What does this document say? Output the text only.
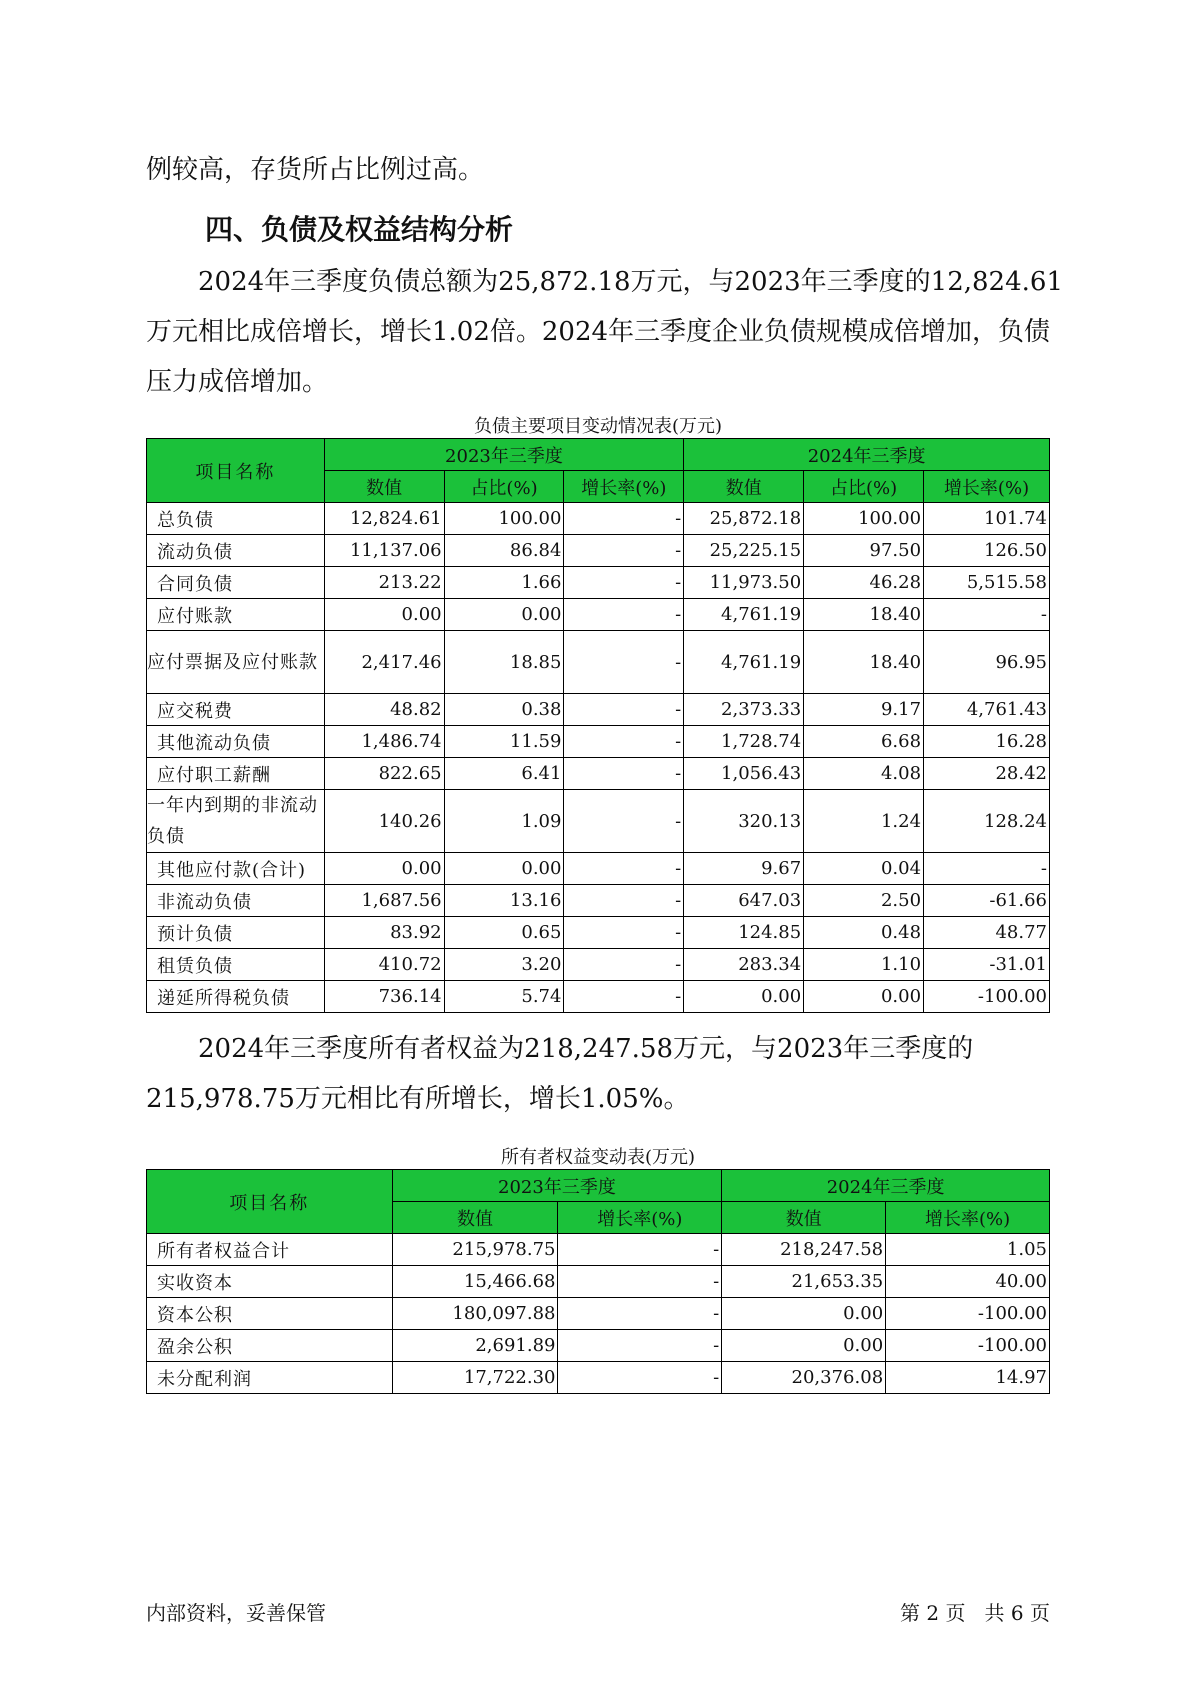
例较高，存货所占比例过高。

四、负债及权益结构分析

2024年三季度负债总额为25,872.18万元，与2023年三季度的12,824.61万元相比成倍增长，增长1.02倍。2024年三季度企业负债规模成倍增加，负债压力成倍增加。

负债主要项目变动情况表(万元)
项目名称	2023年三季度			2024年三季度		
	数值	占比(%)	增长率(%)	数值	占比(%)	增长率(%)
总负债	12,824.61	100.00	-	25,872.18	100.00	101.74
流动负债	11,137.06	86.84	-	25,225.15	97.50	126.50
合同负债	213.22	1.66	-	11,973.50	46.28	5,515.58
应付账款	0.00	0.00	-	4,761.19	18.40	-
应付票据及应付账款	2,417.46	18.85	-	4,761.19	18.40	96.95
应交税费	48.82	0.38	-	2,373.33	9.17	4,761.43
其他流动负债	1,486.74	11.59	-	1,728.74	6.68	16.28
应付职工薪酬	822.65	6.41	-	1,056.43	4.08	28.42
一年内到期的非流动负债	140.26	1.09	-	320.13	1.24	128.24
其他应付款(合计)	0.00	0.00	-	9.67	0.04	-
非流动负债	1,687.56	13.16	-	647.03	2.50	-61.66
预计负债	83.92	0.65	-	124.85	0.48	48.77
租赁负债	410.72	3.20	-	283.34	1.10	-31.01
递延所得税负债	736.14	5.74	-	0.00	0.00	-100.00

2024年三季度所有者权益为218,247.58万元，与2023年三季度的215,978.75万元相比有所增长，增长1.05%。

所有者权益变动表(万元)
项目名称	2023年三季度		2024年三季度	
	数值	增长率(%)	数值	增长率(%)
所有者权益合计	215,978.75	-	218,247.58	1.05
实收资本	15,466.68	-	21,653.35	40.00
资本公积	180,097.88	-	0.00	-100.00
盈余公积	2,691.89	-	0.00	-100.00
未分配利润	17,722.30	-	20,376.08	14.97
内部资料，妥善保管	第 2 页   共 6 页
